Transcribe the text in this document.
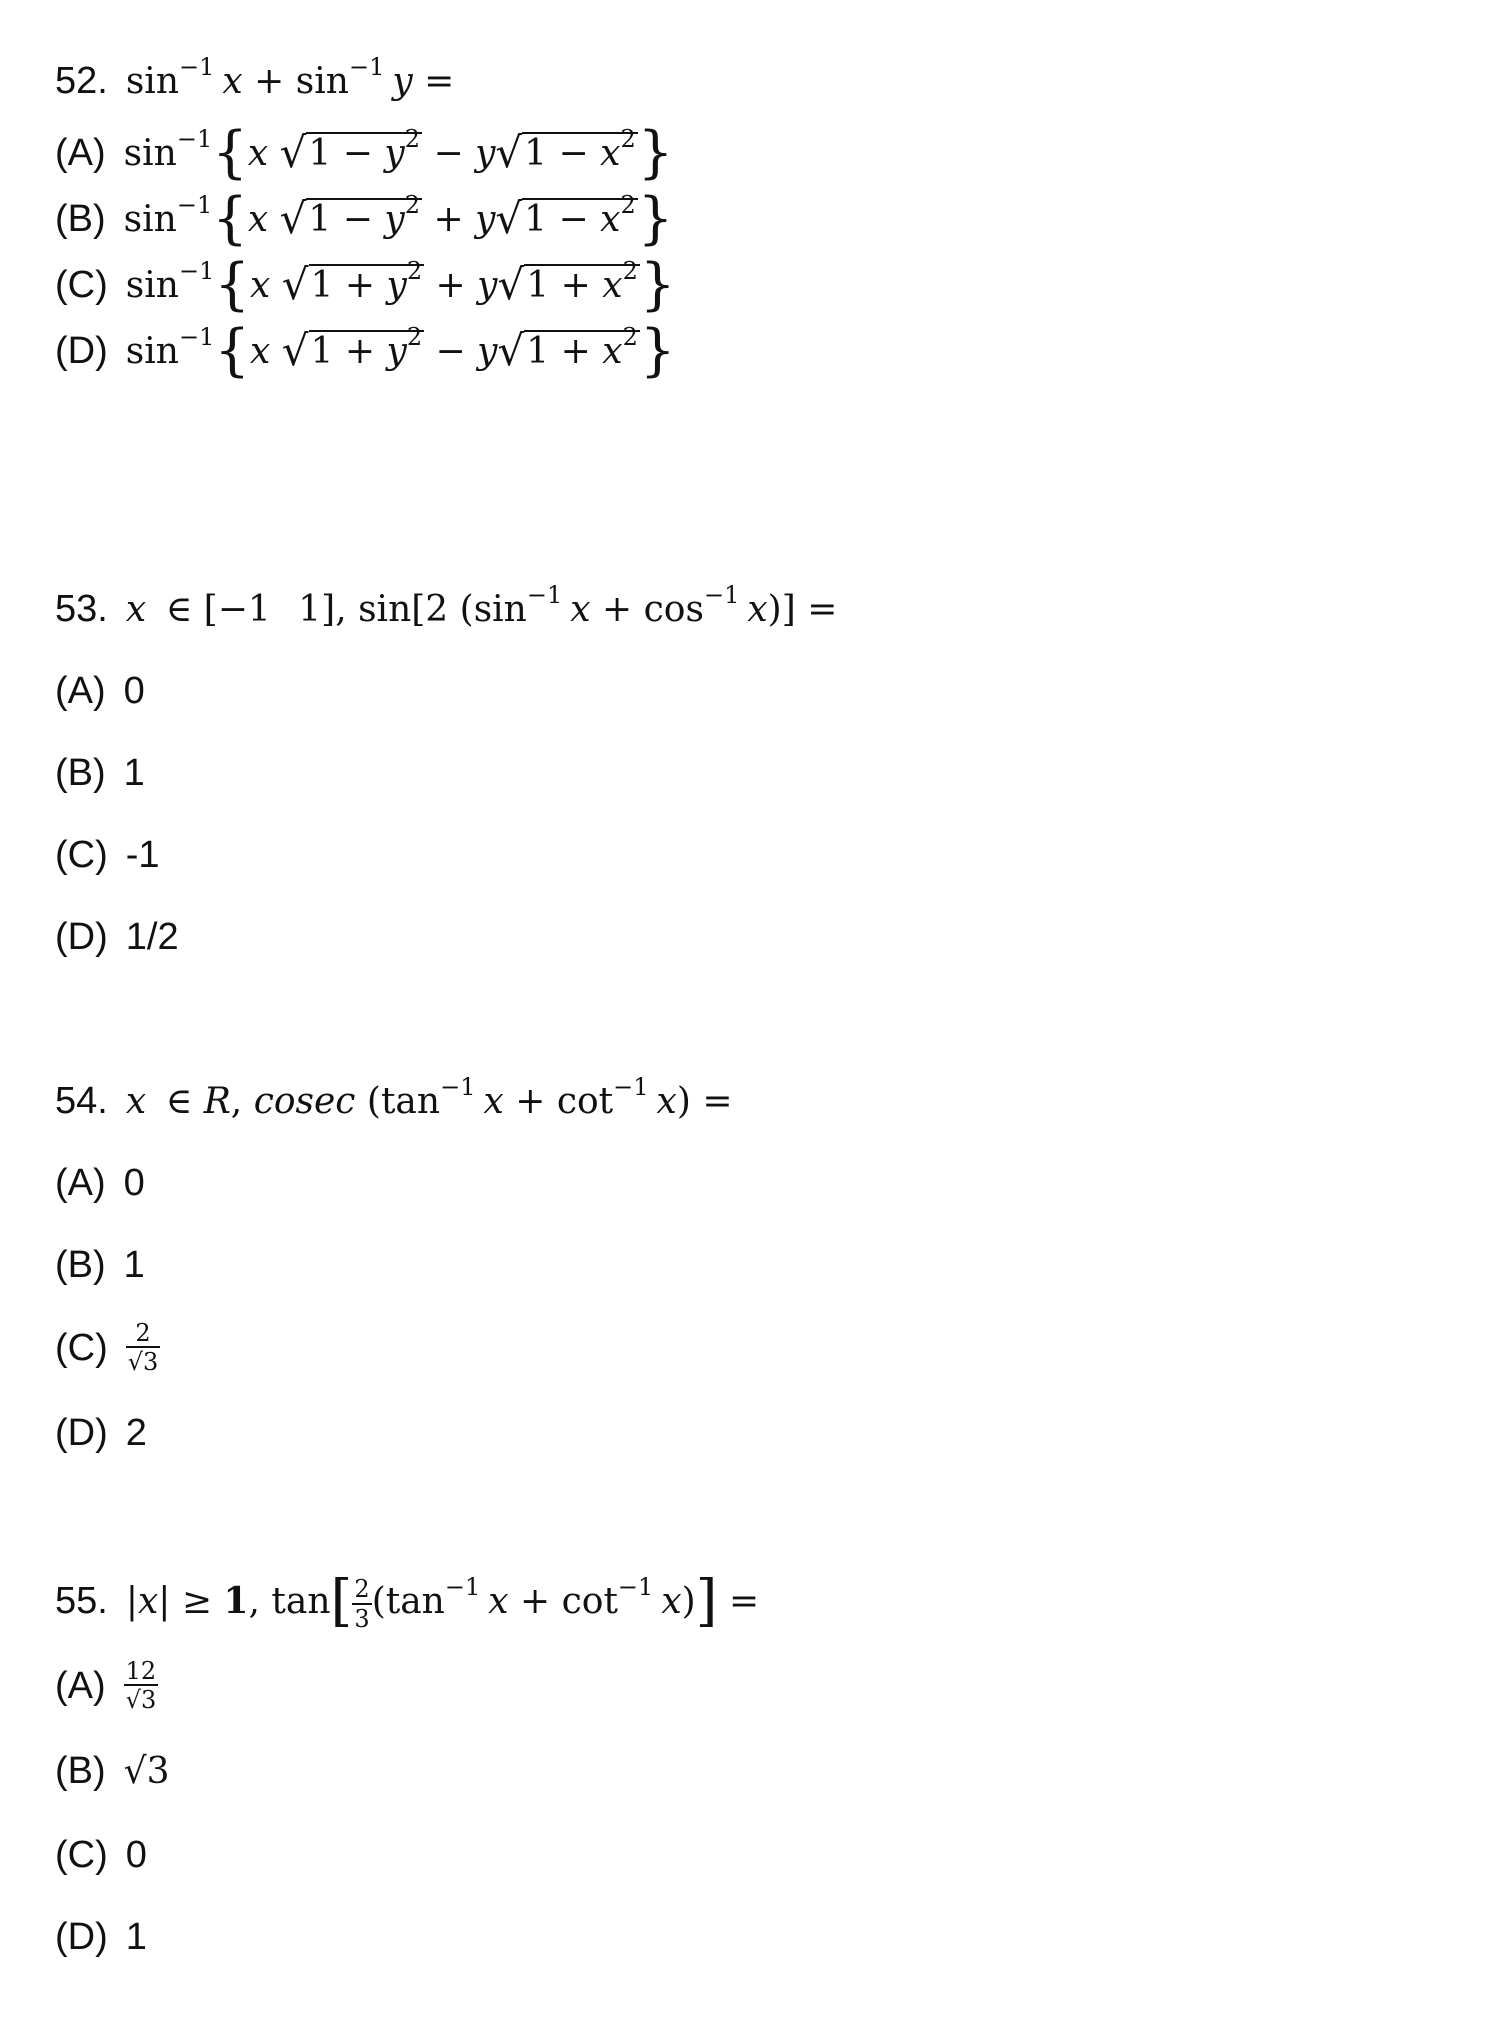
52. $\sin^{-1} x + \sin^{-1} y$ =
(A) $\sin^{-1}\{x$ $√1 - y^2 - y√1 - x^2$}
(B) $\sin^{-1}\{x$ $√1 - y^2 + y√1 - x^2$}
(C) $\sin^{-1}\{x$ $√1 + y^2 + y√1 + x^2$}
(D) $\sin^{-1}\{x$ $√1 + y^2 - y√1 + x^2$}
53. x ∈ [−1 1], sin[2 ($\sin^{-1}$ $x + \cos^{-1} x$)] =
(A) 0
(B) 1
(C) -1
(D) 1/2
54. x ∈ R, cosec ($\tan^{-1}$ $x + \cot^{-1} x$) =
(A) 0
(B) 1
$(C) \frac{2}{√3}$
(D) 2
55. |x| ≥ 1, $\tan[ \frac{2}{3} (\tan^{-1}$ $x + \cot^{-1} x$)] =
$(A) \frac{12}{√3}$
(B) √3
(C) 0
(D) 1
